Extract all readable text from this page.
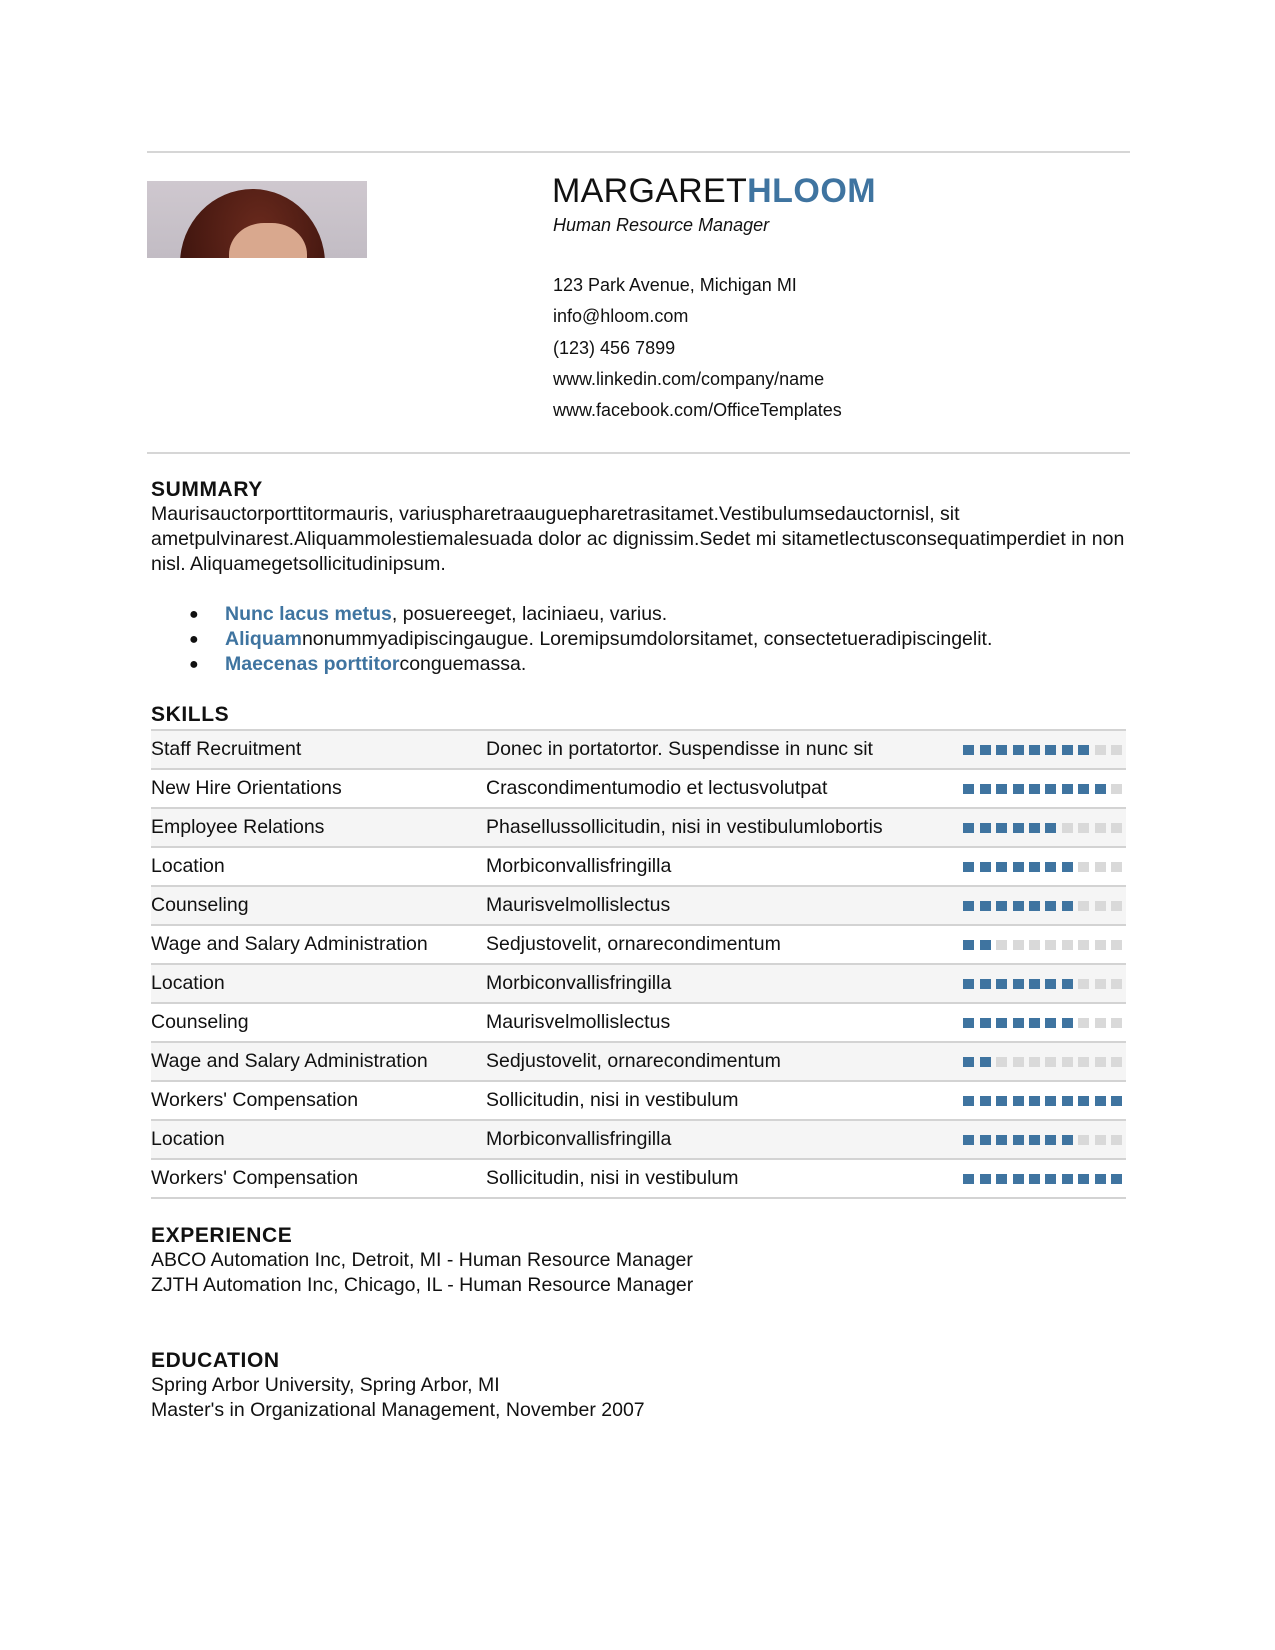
MARGARETHLOOM
Human Resource Manager
123 Park Avenue, Michigan MI
info@hloom.com
(123) 456 7899
www.linkedin.com/company/name
www.facebook.com/OfficeTemplates
SUMMARY
Maurisauctorporttitormauris, variuspharetraauguepharetrasitamet.Vestibulumsedauctornisl, sit ametpulvinarest.Aliquammolestiemalesuada dolor ac dignissim.Sedet mi sitametlectusconsequatimperdiet in non nisl. Aliquamegetsollicitudinipsum.
● Nunc lacus metus, posuereeget, laciniaeu, varius.
● Aliquamnonummyadipiscingaugue. Loremipsumdolorsitamet, consectetueradipiscingelit.
● Maecenas porttitorconguemassa.
SKILLS
Staff Recruitment	Donec in portatortor. Suspendisse in nunc sit	
New Hire Orientations	Crascondimentumodio et lectusvolutpat	
Employee Relations	Phasellussollicitudin, nisi in vestibulumlobortis	
Location	Morbiconvallisfringilla	
Counseling	Maurisvelmollislectus	
Wage and Salary Administration	Sedjustovelit, ornarecondimentum	
Location	Morbiconvallisfringilla	
Counseling	Maurisvelmollislectus	
Wage and Salary Administration	Sedjustovelit, ornarecondimentum	
Workers' Compensation	Sollicitudin, nisi in vestibulum	
Location	Morbiconvallisfringilla	
Workers' Compensation	Sollicitudin, nisi in vestibulum	
EXPERIENCE
ABCO Automation Inc, Detroit, MI - Human Resource Manager
ZJTH Automation Inc, Chicago, IL - Human Resource Manager
EDUCATION
Spring Arbor University, Spring Arbor, MI
Master's in Organizational Management, November 2007
